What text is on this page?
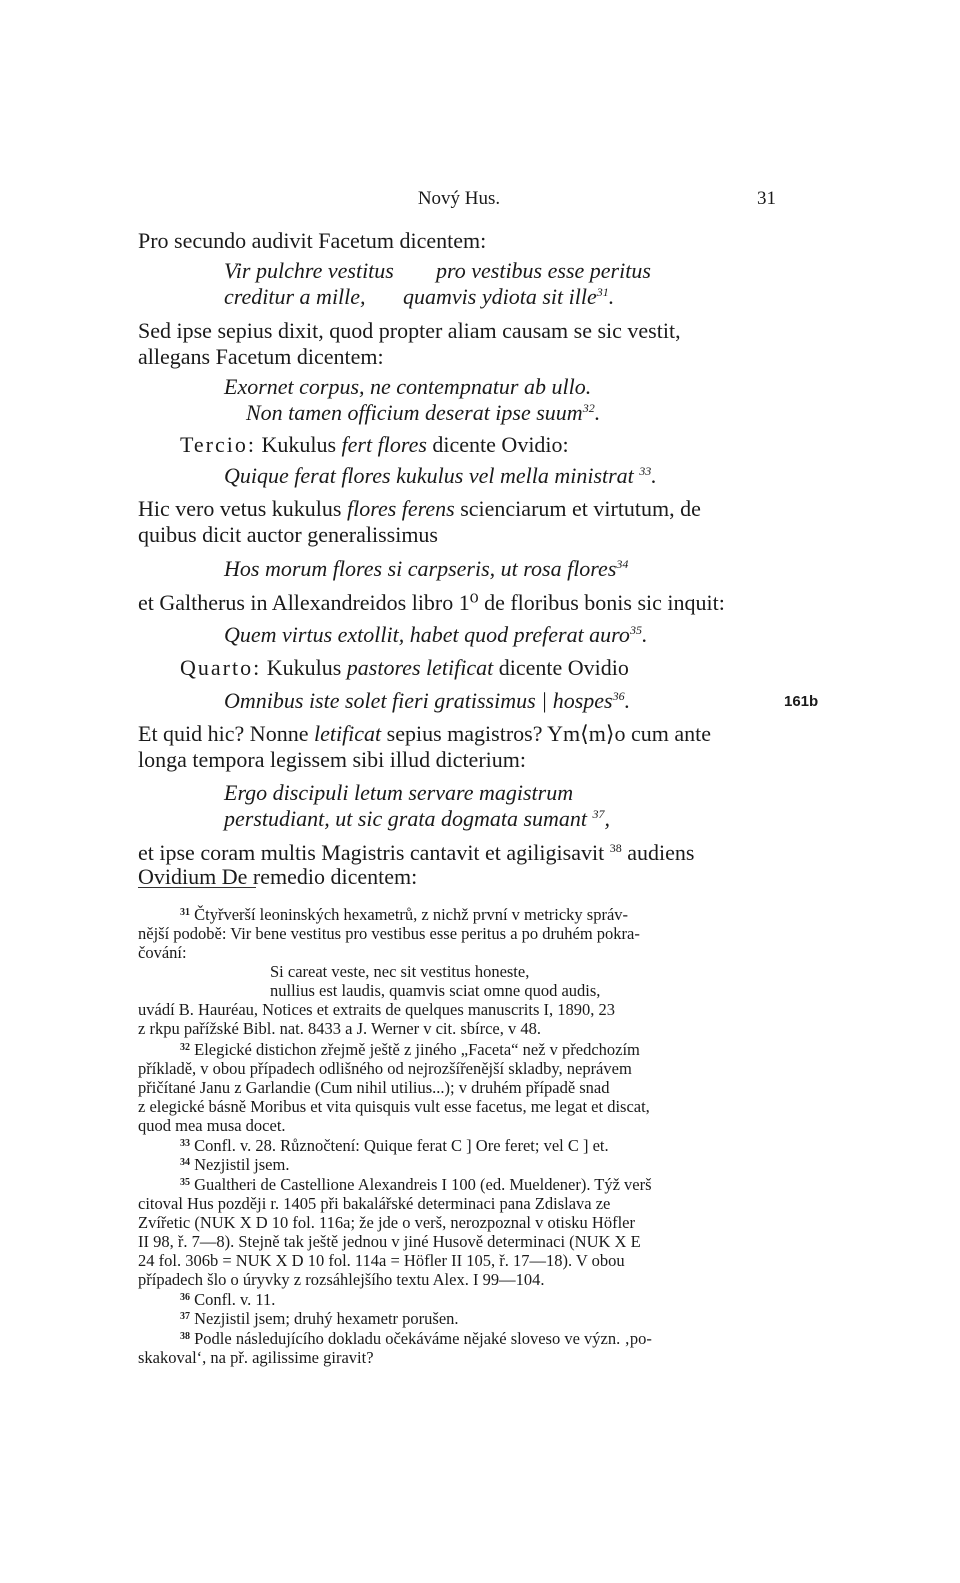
Nový Hus.	31
Pro secundo audivit Facetum dicentem:
Vir pulchre vestitus pro vestibus esse peritus
creditur a mille, quamvis ydiota sit ille$^{31}$.
Sed ipse sepius dixit, quod propter aliam causam se sic vestit,
allegans Facetum dicentem:
Exornet corpus, ne contempnatur ab ullo.
Non tamen officium deserat ipse suum$^{32}$.
Tercio: Kukulus fert flores dicente Ovidio:
Quique ferat flores kukulus vel mella ministrat $^{33}$.
Hic vero vetus kukulus flores ferens scienciarum et virtutum, de
quibus dicit auctor generalissimus
Hos morum flores si carpseris, ut rosa flores$^{34}$
et Galtherus in Allexandreidos libro 1⁰ de floribus bonis sic inquit:
Quem virtus extollit, habet quod preferat auro$^{35}$.
Quarto: Kukulus pastores letificat dicente Ovidio
Omnibus iste solet fieri gratissimus | hospes$^{36}$.	161b
Et quid hic? Nonne letificat sepius magistros? Ym⟨m⟩o cum ante
longa tempora legissem sibi illud dicterium:
Ergo discipuli letum servare magistrum
perstudiant, ut sic grata dogmata sumant $^{37}$,
et ipse coram multis Magistris cantavit et agiligisavit $^{38}$ audiens
Ovidium De remedio dicentem:
$^{31}$ Čtyřverší leoninských hexametrů, z nichž první v metricky správ-
nější podobě: Vir bene vestitus pro vestibus esse peritus a po druhém pokra-
čování:
Si careat veste, nec sit vestitus honeste,
nullius est laudis, quamvis sciat omne quod audis,
uvádí B. Hauréau, Notices et extraits de quelques manuscrits I, 1890, 23
z rkpu pařížské Bibl. nat. 8433 a J. Werner v cit. sbírce, v 48.
$^{32}$ Elegické distichon zřejmě ještě z jiného „Faceta“ než v předchozím
příkladě, v obou případech odlišného od nejrozšířenější skladby, neprávem
přičítané Janu z Garlandie (Cum nihil utilius...); v druhém případě snad
z elegické básně Moribus et vita quisquis vult esse facetus, me legat et discat,
quod mea musa docet.
$^{33}$ Confl. v. 28. Různočtení: Quique ferat C ] Ore feret; vel C ] et.
$^{34}$ Nezjistil jsem.
$^{35}$ Gualtheri de Castellione Alexandreis I 100 (ed. Mueldener). Týž verš
citoval Hus později r. 1405 při bakalářské determinaci pana Zdislava ze
Zvířetic (NUK X D 10 fol. 116a; že jde o verš, nerozpoznal v otisku Höfler
II 98, ř. 7—8). Stejně tak ještě jednou v jiné Husově determinaci (NUK X E
24 fol. 306b = NUK X D 10 fol. 114a = Höfler II 105, ř. 17—18). V obou
případech šlo o úryvky z rozsáhlejšího textu Alex. I 99—104.
$^{36}$ Confl. v. 11.
$^{37}$ Nezjistil jsem; druhý hexametr porušen.
$^{38}$ Podle následujícího dokladu očekáváme nějaké sloveso ve význ. ‚po-
skakoval‘, na př. agilissime giravit?
